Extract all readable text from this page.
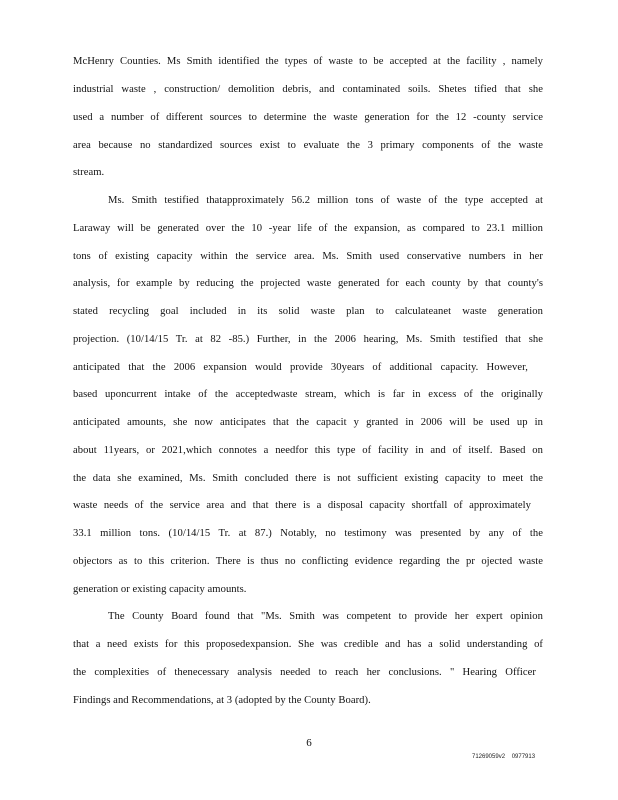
McHenry Counties. Ms Smith identified the types of waste to be accepted at the facility , namely
industrial waste , construction/ demolition debris, and contaminated soils. Shetes tified that she
used a number of different sources to determine the waste generation for the 12 -county service
area because no standardized sources exist to evaluate the 3 primary components of the waste
stream.
Ms. Smith testified thatapproximately 56.2 million tons of waste of the type accepted at
Laraway will be generated over the 10 -year life of the expansion, as compared to 23.1 million
tons of existing capacity within the service area. Ms. Smith used conservative numbers in her
analysis, for example by reducing the projected waste generated for each county by that county's
stated recycling goal included in its solid waste plan to calculateanet waste generation
projection. (10/14/15 Tr. at 82 -85.) Further, in the 2006 hearing, Ms. Smith testified that she
anticipated that the 2006 expansion would provide 30years of additional capacity. However,
based uponcurrent intake of the acceptedwaste stream, which is far in excess of the originally
anticipated amounts, she now anticipates that the capacit y granted in 2006 will be used up in
about 11years, or 2021,which connotes a needfor this type of facility in and of itself. Based on
the data she examined, Ms. Smith concluded there is not sufficient existing capacity to meet the
waste needs of the service area and that there is a disposal capacity shortfall of approximately
33.1 million tons. (10/14/15 Tr. at 87.) Notably, no testimony was presented by any of the
objectors as to this criterion. There is thus no conflicting evidence regarding the pr ojected waste
generation or existing capacity amounts.
The County Board found that "Ms. Smith was competent to provide her expert opinion
that a need exists for this proposedexpansion. She was credible and has a solid understanding of
the complexities of thenecessary analysis needed to reach her conclusions. " Hearing Officer
Findings and Recommendations, at 3 (adopted by the County Board).
6
71269059v2 0977913
